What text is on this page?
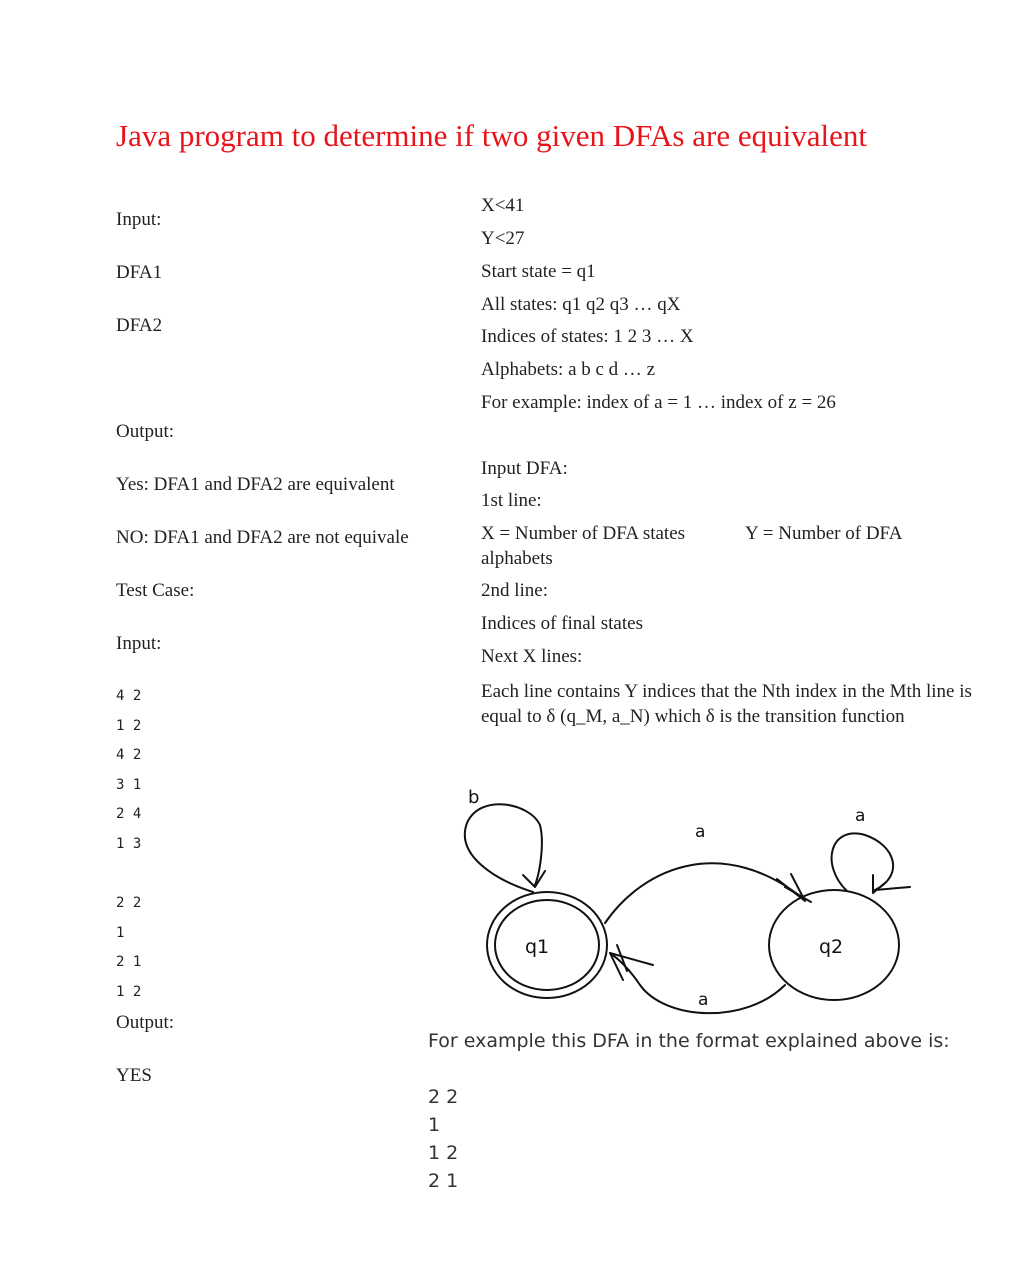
Java program to determine if two given DFAs are equivalent
Input:
DFA1
DFA2
Output:
Yes: DFA1 and DFA2 are equivalent
NO: DFA1 and DFA2 are not equivale
Test Case:
Input:
4 2
1 2
4 2
3 1
2 4
1 3
2 2
1
2 1
1 2
Output:
YES
X<41
Y<27
Start state = q1
All states: q1 q2 q3 … qX
Indices of states: 1 2 3 … X
Alphabets: a b c d … z
For example: index of a = 1 … index of z = 26
Input DFA:
1st line:
X = Number of DFA states	Y = Number of DFA
alphabets
2nd line:
Indices of final states
Next X lines:
Each line contains Y indices that the Nth index in the Mth line is equal to δ (q_M, a_N) which δ is the transition function
q1	q2
b
a
a
a
For example this DFA in the format explained above is:
2 2
1
1 2
2 1
